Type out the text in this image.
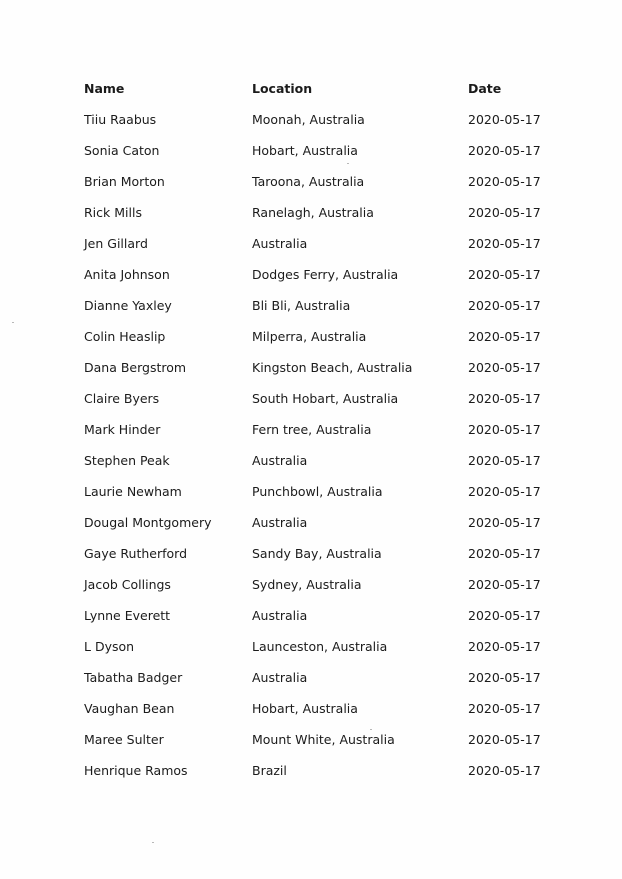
Name	Location	Date
Tiiu Raabus	Moonah, Australia	2020-05-17
Sonia Caton	Hobart, Australia	2020-05-17
Brian Morton	Taroona, Australia	2020-05-17
Rick Mills	Ranelagh, Australia	2020-05-17
Jen Gillard	Australia	2020-05-17
Anita Johnson	Dodges Ferry, Australia	2020-05-17
Dianne Yaxley	Bli Bli, Australia	2020-05-17
Colin Heaslip	Milperra, Australia	2020-05-17
Dana Bergstrom	Kingston Beach, Australia	2020-05-17
Claire Byers	South Hobart, Australia	2020-05-17
Mark Hinder	Fern tree, Australia	2020-05-17
Stephen Peak	Australia	2020-05-17
Laurie Newham	Punchbowl, Australia	2020-05-17
Dougal Montgomery	Australia	2020-05-17
Gaye Rutherford	Sandy Bay, Australia	2020-05-17
Jacob Collings	Sydney, Australia	2020-05-17
Lynne Everett	Australia	2020-05-17
L Dyson	Launceston, Australia	2020-05-17
Tabatha Badger	Australia	2020-05-17
Vaughan Bean	Hobart, Australia	2020-05-17
Maree Sulter	Mount White, Australia	2020-05-17
Henrique Ramos	Brazil	2020-05-17
